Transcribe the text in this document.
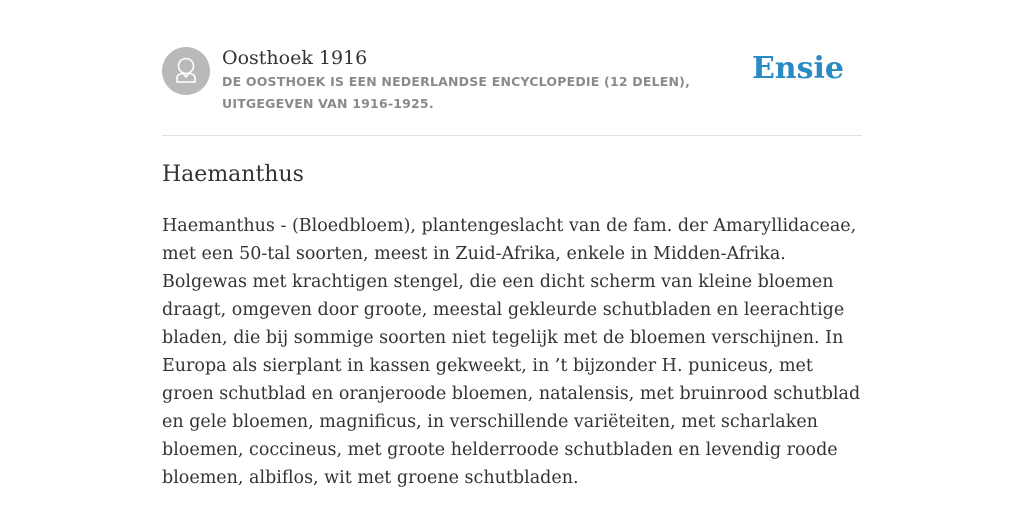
Oosthoek 1916
DE OOSTHOEK IS EEN NEDERLANDSE ENCYCLOPEDIE (12 DELEN), UITGEGEVEN VAN 1916-1925.
Ensie
Haemanthus

Haemanthus - (Bloedbloem), plantengeslacht van de fam. der Amaryllidaceae, met een 50-tal soorten, meest in Zuid-Afrika, enkele in Midden-Afrika. Bolgewas met krachtigen stengel, die een dicht scherm van kleine bloemen draagt, omgeven door groote, meestal gekleurde schutbladen en leerachtige bladen, die bij sommige soorten niet tegelijk met de bloemen verschijnen. In Europa als sierplant in kassen gekweekt, in ’t bijzonder H. puniceus, met groen schutblad en oranjeroode bloemen, natalensis, met bruinrood schutblad en gele bloemen, magnificus, in verschillende variëteiten, met scharlaken bloemen, coccineus, met groote helderroode schutbladen en levendig roode bloemen, albiflos, wit met groene schutbladen.
